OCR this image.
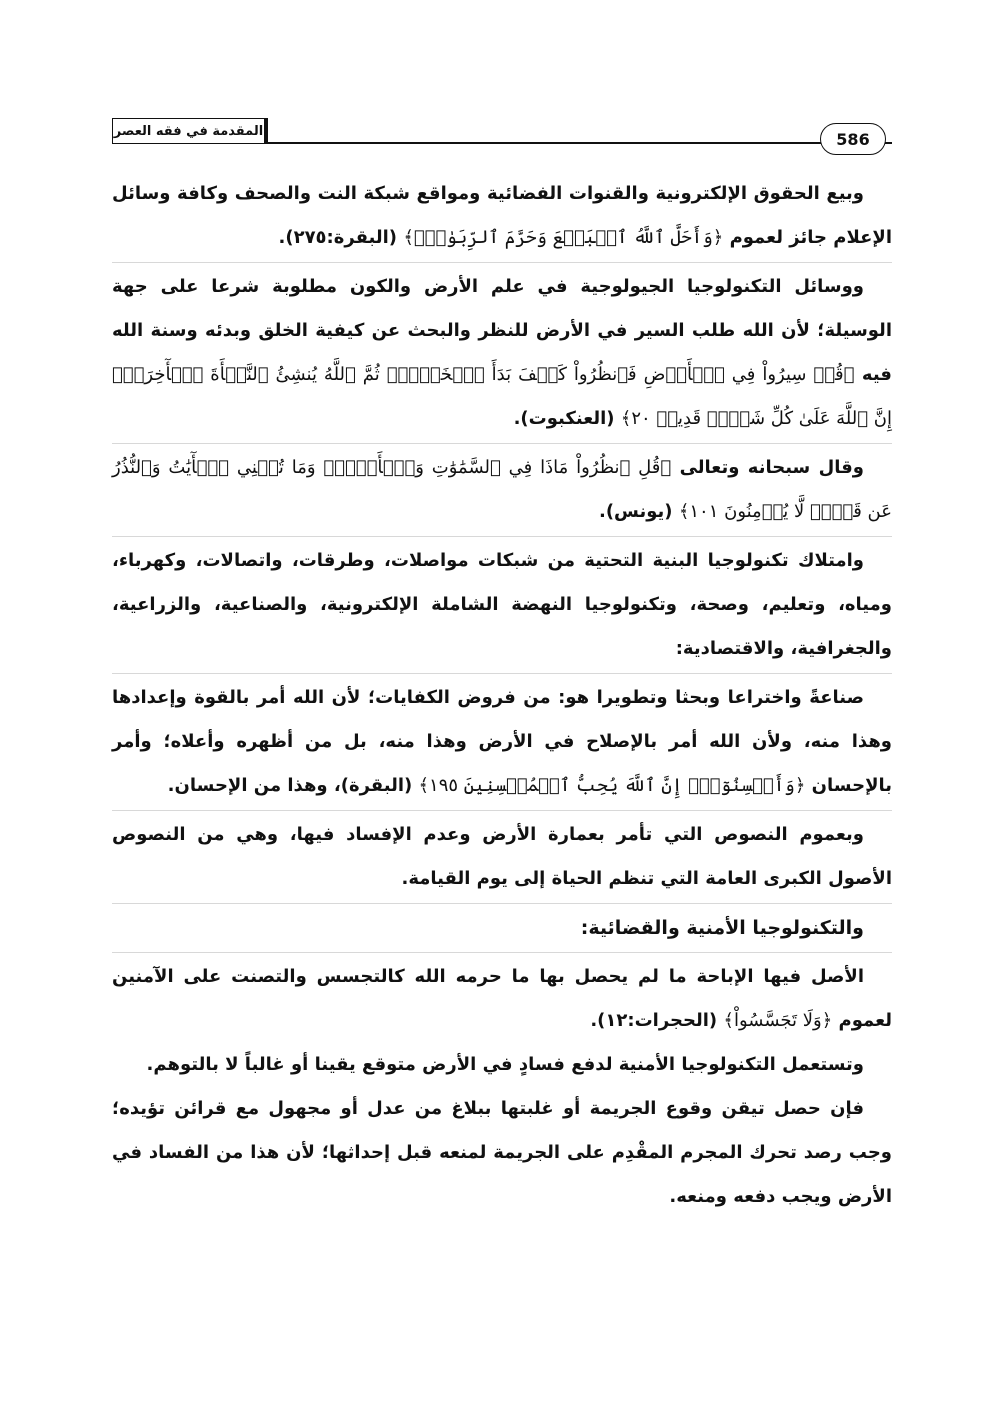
المقدمة في فقه العصر	586

وبيع الحقوق الإلكترونية والقنوات الفضائية ومواقع شبكة النت والصحف وكافة وسائل الإعلام جائز لعموم ﴿وَأَحَلَّ ٱللَّهُ ٱلۡبَيۡعَ وَحَرَّمَ ٱلرِّبَوٰاْۚ﴾ (البقرة:٢٧٥).

ووسائل التكنولوجيا الجيولوجية في علم الأرض والكون مطلوبة شرعا على جهة الوسيلة؛ لأن الله طلب السير في الأرض للنظر والبحث عن كيفية الخلق وبدئه وسنة الله فيه ﴿قُلۡ سِيرُواْ فِي ٱلۡأَرۡضِ فَٱنظُرُواْ كَيۡفَ بَدَأَ ٱلۡخَلۡقَۚ ثُمَّ ٱللَّهُ يُنشِئُ ٱلنَّشۡأَةَ ٱلۡأٓخِرَةَۚ إِنَّ ٱللَّهَ عَلَىٰ كُلِّ شَيۡءٖ قَدِيرٞ ٢٠﴾ (العنكبوت).

وقال سبحانه وتعالى ﴿قُلِ ٱنظُرُواْ مَاذَا فِي ٱلسَّمَٰوَٰتِ وَٱلۡأَرۡضِۚ وَمَا تُغۡنِي ٱلۡأٓيَٰتُ وَٱلنُّذُرُ عَن قَوۡمٖ لَّا يُؤۡمِنُونَ ١٠١﴾ (يونس).

وامتلاك تكنولوجيا البنية التحتية من شبكات مواصلات، وطرقات، واتصالات، وكهرباء، ومياه، وتعليم، وصحة، وتكنولوجيا النهضة الشاملة الإلكترونية، والصناعية، والزراعية، والجغرافية، والاقتصادية:

صناعةً واختراعا وبحثا وتطويرا هو: من فروض الكفايات؛ لأن الله أمر بالقوة وإعدادها وهذا منه، ولأن الله أمر بالإصلاح في الأرض وهذا منه، بل من أظهره وأعلاه؛ وأمر بالإحسان ﴿وَأَحۡسِنُوٓاْۚ إِنَّ ٱللَّهَ يُحِبُّ ٱلۡمُحۡسِنِينَ ١٩٥﴾ (البقرة)، وهذا من الإحسان.

وبعموم النصوص التي تأمر بعمارة الأرض وعدم الإفساد فيها، وهي من النصوص الأصول الكبرى العامة التي تنظم الحياة إلى يوم القيامة.

والتكنولوجيا الأمنية والقضائية:

الأصل فيها الإباحة ما لم يحصل بها ما حرمه الله كالتجسس والتصنت على الآمنين لعموم ﴿وَلَا تَجَسَّسُواْ﴾ (الحجرات:١٢).

وتستعمل التكنولوجيا الأمنية لدفع فسادٍ في الأرض متوقع يقينا أو غالباً لا بالتوهم.

فإن حصل تيقن وقوع الجريمة أو غلبتها ببلاغ من عدل أو مجهول مع قرائن تؤيده؛ وجب رصد تحرك المجرم المقْدِم على الجريمة لمنعه قبل إحداثها؛ لأن هذا من الفساد في الأرض ويجب دفعه ومنعه.
